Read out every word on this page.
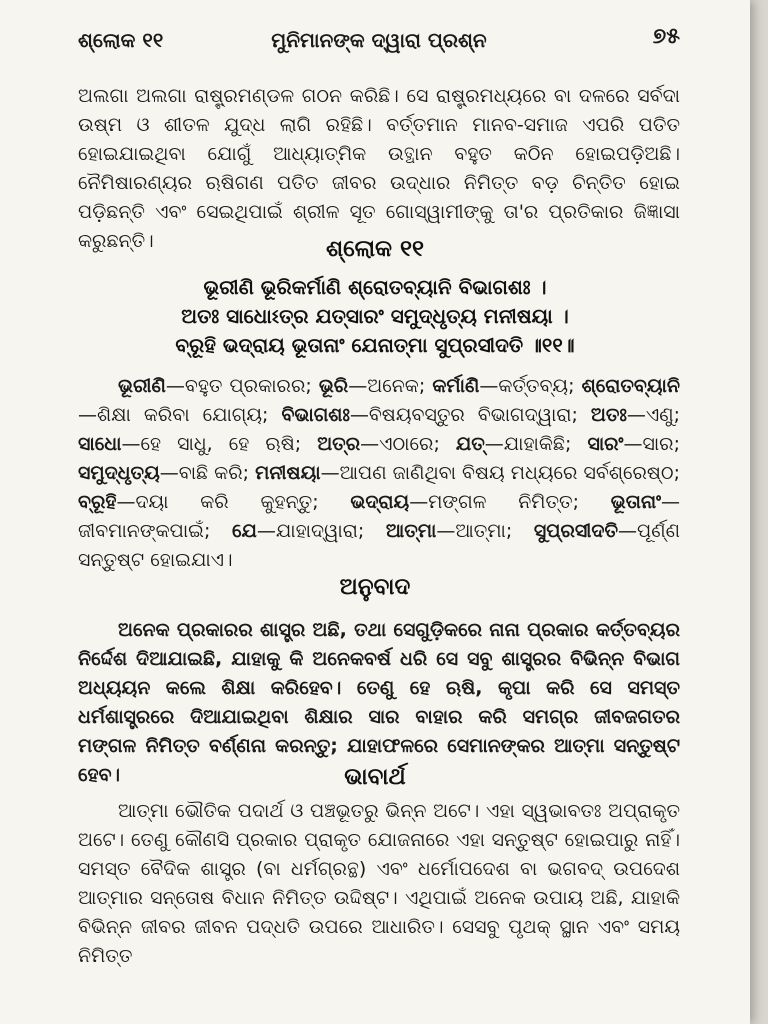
ଶ୍ଲୋକ ୧୧	ମୁନିମାନଙ୍କ ଦ୍ୱାରା ପ୍ରଶ୍ନ	୭୫
ଅଲଗା ଅଲଗା ରାଷ୍ଟ୍ରମଣ୍ଡଳ ଗଠନ କରିଛି। ସେ ରାଷ୍ଟ୍ରମଧ୍ୟରେ ବା ଦଳରେ ସର୍ବଦା ଉଷ୍ମ ଓ ଶୀତଳ ଯୁଦ୍ଧ ଲାଗି ରହିଛି। ବର୍ତ୍ତମାନ ମାନବ-ସମାଜ ଏପରି ପତିତ ହୋଇଯାଇଥିବା ଯୋଗୁଁ ଆଧ୍ୟାତ୍ମିକ ଉତ୍ଥାନ ବହୁତ କଠିନ ହୋଇପଡ଼ିଅଛି। ନୈମିଷାରଣ୍ୟର ଋଷିଗଣ ପତିତ ଜୀବର ଉଦ୍ଧାର ନିମିତ୍ତ ବଡ଼ ଚିନ୍ତିତ ହୋଇ ପଡ଼ିଛନ୍ତି ଏବଂ ସେଇଥିପାଇଁ ଶ୍ରୀଳ ସୂତ ଗୋସ୍ୱାମୀଙ୍କୁ ତା'ର ପ୍ରତିକାର ଜିଜ୍ଞାସା କରୁଛନ୍ତି।	ଶ୍ଲୋକ ୧୧
ଭୂରୀଣି ଭୂରିକର୍ମାଣି ଶ୍ରୋତବ୍ୟାନି ବିଭାଗଶଃ ।
ଅତଃ ସାଧୋଽତ୍ର ଯତ୍‌ସାରଂ ସମୁଦ୍ଧୃତ୍ୟ ମନୀଷୟା ।
ବ୍ରୂହି ଭଦ୍ରାୟ ଭୂତାନାଂ ଯେନାତ୍ମା ସୁପ୍ରସୀଦତି ॥୧୧॥
ଭୂରୀଣି—ବହୁତ ପ୍ରକାରର; ଭୂରି—ଅନେକ; କର୍ମାଣି—କର୍ତ୍ତବ୍ୟ; ଶ୍ରୋତବ୍ୟାନି—ଶିକ୍ଷା କରିବା ଯୋଗ୍ୟ; ବିଭାଗଶଃ—ବିଷୟବସ୍ତୁର ବିଭାଗଦ୍ୱାରା; ଅତଃ—ଏଣୁ; ସାଧୋ—ହେ ସାଧୁ, ହେ ଋଷି; ଅତ୍ର—ଏଠାରେ; ଯତ୍—ଯାହାକିଛି; ସାରଂ—ସାର; ସମୁଦ୍ଧୃତ୍ୟ—ବାଛି କରି; ମନୀଷୟା—ଆପଣ ଜାଣିଥିବା ବିଷୟ ମଧ୍ୟରେ ସର୍ବଶ୍ରେଷ୍ଠ; ବ୍ରୂହି—ଦୟା କରି କୁହନ୍ତୁ; ଭଦ୍ରାୟ—ମଙ୍ଗଳ ନିମିତ୍ତ; ଭୂତାନାଂ—ଜୀବମାନଙ୍କପାଇଁ; ଯେ—ଯାହାଦ୍ୱାରା; ଆତ୍ମା—ଆତ୍ମା; ସୁପ୍ରସୀଦତି—ପୂର୍ଣ୍ଣ ସନ୍ତୁଷ୍ଟ ହୋଇଯାଏ।
ଅନୁବାଦ
ଅନେକ ପ୍ରକାରର ଶାସ୍ତ୍ର ଅଛି, ତଥା ସେଗୁଡ଼ିକରେ ନାନା ପ୍ରକାର କର୍ତ୍ତବ୍ୟର ନିର୍ଦ୍ଦେଶ ଦିଆଯାଇଛି, ଯାହାକୁ କି ଅନେକବର୍ଷ ଧରି ସେ ସବୁ ଶାସ୍ତ୍ରର ବିଭିନ୍ନ ବିଭାଗ ଅଧ୍ୟୟନ କଲେ ଶିକ୍ଷା କରିହେବ। ତେଣୁ ହେ ଋଷି, କୃପା କରି ସେ ସମସ୍ତ ଧର୍ମଶାସ୍ତ୍ରରେ ଦିଆଯାଇଥିବା ଶିକ୍ଷାର ସାର ବାହାର କରି ସମଗ୍ର ଜୀବଜଗତର ମଙ୍ଗଳ ନିମିତ୍ତ ବର୍ଣ୍ଣନା କରନ୍ତୁ; ଯାହାଫଳରେ ସେମାନଙ୍କର ଆତ୍ମା ସନ୍ତୁଷ୍ଟ ହେବ।	ଭାବାର୍ଥ
ଆତ୍ମା ଭୌତିକ ପଦାର୍ଥ ଓ ପଞ୍ଚଭୂତରୁ ଭିନ୍ନ ଅଟେ। ଏହା ସ୍ୱଭାବତଃ ଅପ୍ରାକୃତ ଅଟେ। ତେଣୁ କୌଣସି ପ୍ରକାର ପ୍ରାକୃତ ଯୋଜନାରେ ଏହା ସନ୍ତୁଷ୍ଟ ହୋଇପାରୁ ନାହିଁ। ସମସ୍ତ ବୈଦିକ ଶାସ୍ତ୍ର (ବା ଧର୍ମଗ୍ରନ୍ଥ) ଏବଂ ଧର୍ମୋପଦେଶ ବା ଭଗବଦ୍ ଉପଦେଶ ଆତ୍ମାର ସନ୍ତୋଷ ବିଧାନ ନିମିତ୍ତ ଉଦ୍ଦିଷ୍ଟ। ଏଥିପାଇଁ ଅନେକ ଉପାୟ ଅଛି, ଯାହାକି ବିଭିନ୍ନ ଜୀବର ଜୀବନ ପଦ୍ଧତି ଉପରେ ଆଧାରିତ। ସେସବୁ ପୃଥକ୍ ସ୍ଥାନ ଏବଂ ସମୟ ନିମିତ୍ତ
